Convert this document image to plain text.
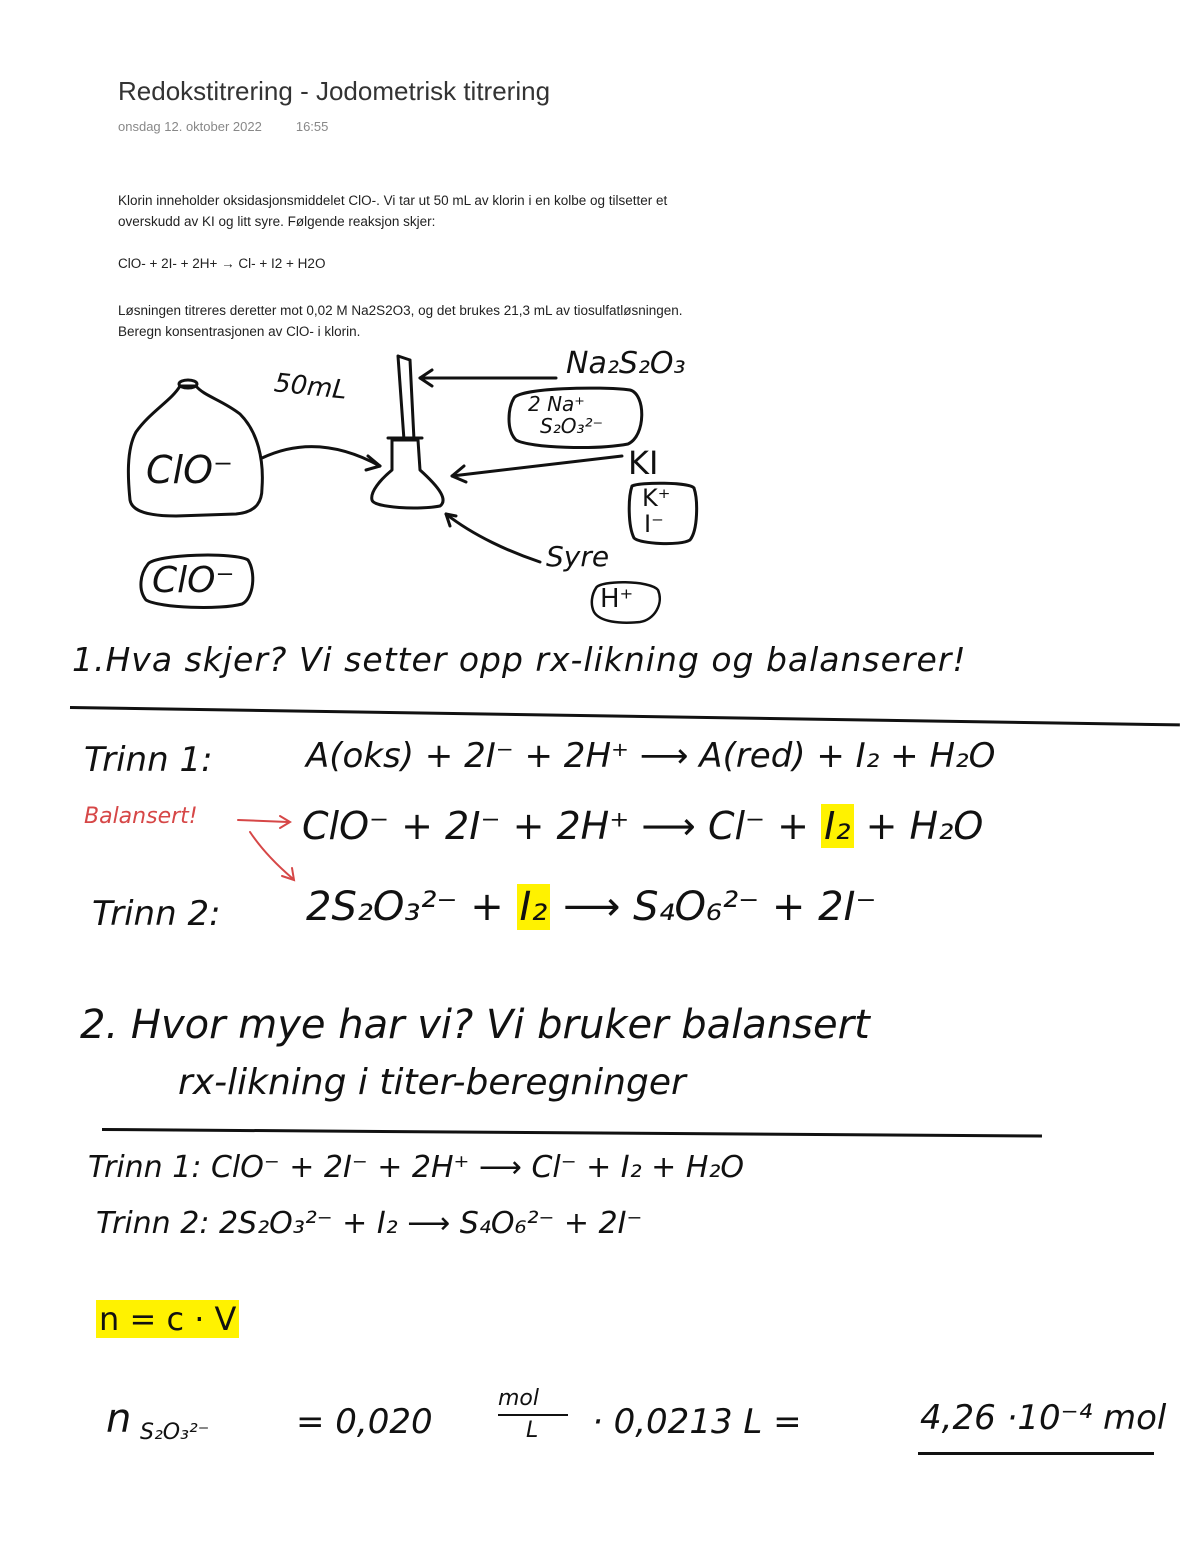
Redokstitrering - Jodometrisk titrering
onsdag 12. oktober 2022	16:55
Klorin inneholder oksidasjonsmiddelet ClO-. Vi tar ut 50 mL av klorin i en kolbe og tilsetter et
overskudd av KI og litt syre. Følgende reaksjon skjer:
ClO- + 2I- + 2H+ → Cl- + I2 + H2O
Løsningen titreres deretter mot 0,02 M Na2S2O3, og det brukes 21,3 mL av tiosulfatløsningen.
Beregn konsentrasjonen av ClO- i klorin.
ClO⁻
50mL
Na₂S₂O₃
2 Na⁺
S₂O₃²⁻
KI
K⁺
I⁻
Syre
H⁺
ClO⁻
1.Hva skjer? Vi setter opp rx-likning og balanserer!
Trinn 1:	A(oks) + 2I⁻ + 2H⁺ ⟶ A(red) + I₂ + H₂O
Balansert!	ClO⁻ + 2I⁻ + 2H⁺ ⟶ Cl⁻ + I₂ + H₂O
Trinn 2: 2S₂O₃²⁻ + I₂ ⟶ S₄O₆²⁻ + 2I⁻
2. Hvor mye har vi? Vi bruker balansert
rx-likning i titer-beregninger
Trinn 1: ClO⁻ + 2I⁻ + 2H⁺ ⟶ Cl⁻ + I₂ + H₂O
Trinn 2: 2S₂O₃²⁻ + I₂ ⟶ S₄O₆²⁻ + 2I⁻
n = c · V
n S₂O₃²⁻	= 0,020
mol
L · 0,0213 L =	4,26 ·10⁻⁴ mol
